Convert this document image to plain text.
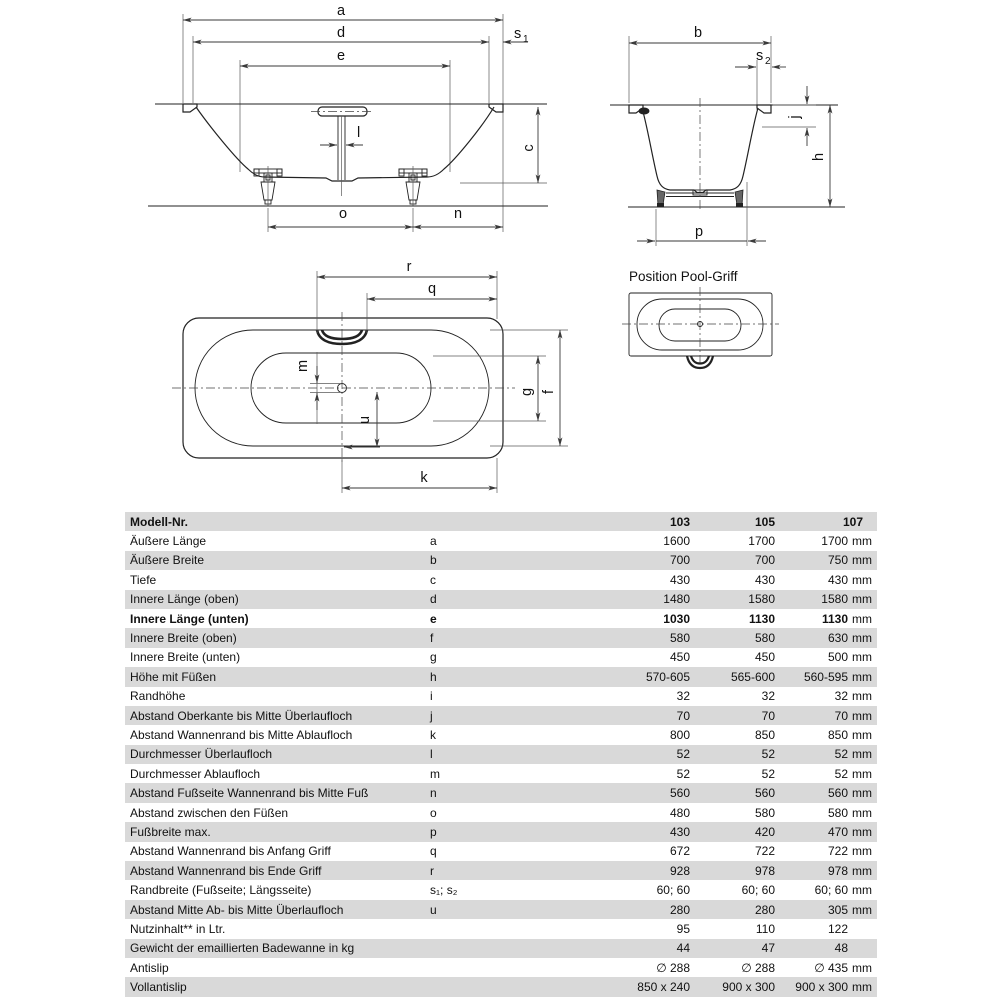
a
d	s 1
e
l
c
o	n
b
s 2
j
h
p
r
q
m
u
k
g f
Position Pool-Griff
Modell-Nr.		103	105	107	
Äußere Länge	a	1600	1700	1700	mm
Äußere Breite	b	700	700	750	mm
Tiefe	c	430	430	430	mm
Innere Länge (oben)	d	1480	1580	1580	mm
Innere Länge (unten)	e	1030	1130	1130	mm
Innere Breite (oben)	f	580	580	630	mm
Innere Breite (unten)	g	450	450	500	mm
Höhe mit Füßen	h	570-605	565-600	560-595	mm
Randhöhe	i	32	32	32	mm
Abstand Oberkante bis Mitte Überlaufloch	j	70	70	70	mm
Abstand Wannenrand bis Mitte Ablaufloch	k	800	850	850	mm
Durchmesser Überlaufloch	l	52	52	52	mm
Durchmesser Ablaufloch	m	52	52	52	mm
Abstand Fußseite Wannenrand bis Mitte Fuß	n	560	560	560	mm
Abstand zwischen den Füßen	o	480	580	580	mm
Fußbreite max.	p	430	420	470	mm
Abstand Wannenrand bis Anfang Griff	q	672	722	722	mm
Abstand Wannenrand bis Ende Griff	r	928	978	978	mm
Randbreite (Fußseite; Längsseite)	s₁; s₂	60; 60	60; 60	60; 60	mm
Abstand Mitte Ab- bis Mitte Überlaufloch	u	280	280	305	mm
Nutzinhalt** in Ltr.		95	110	122	
Gewicht der emaillierten Badewanne in kg		44	47	48	
Antislip		∅ 288	∅ 288	∅ 435	mm
Vollantislip		850 x 240	900 x 300	900 x 300	mm
